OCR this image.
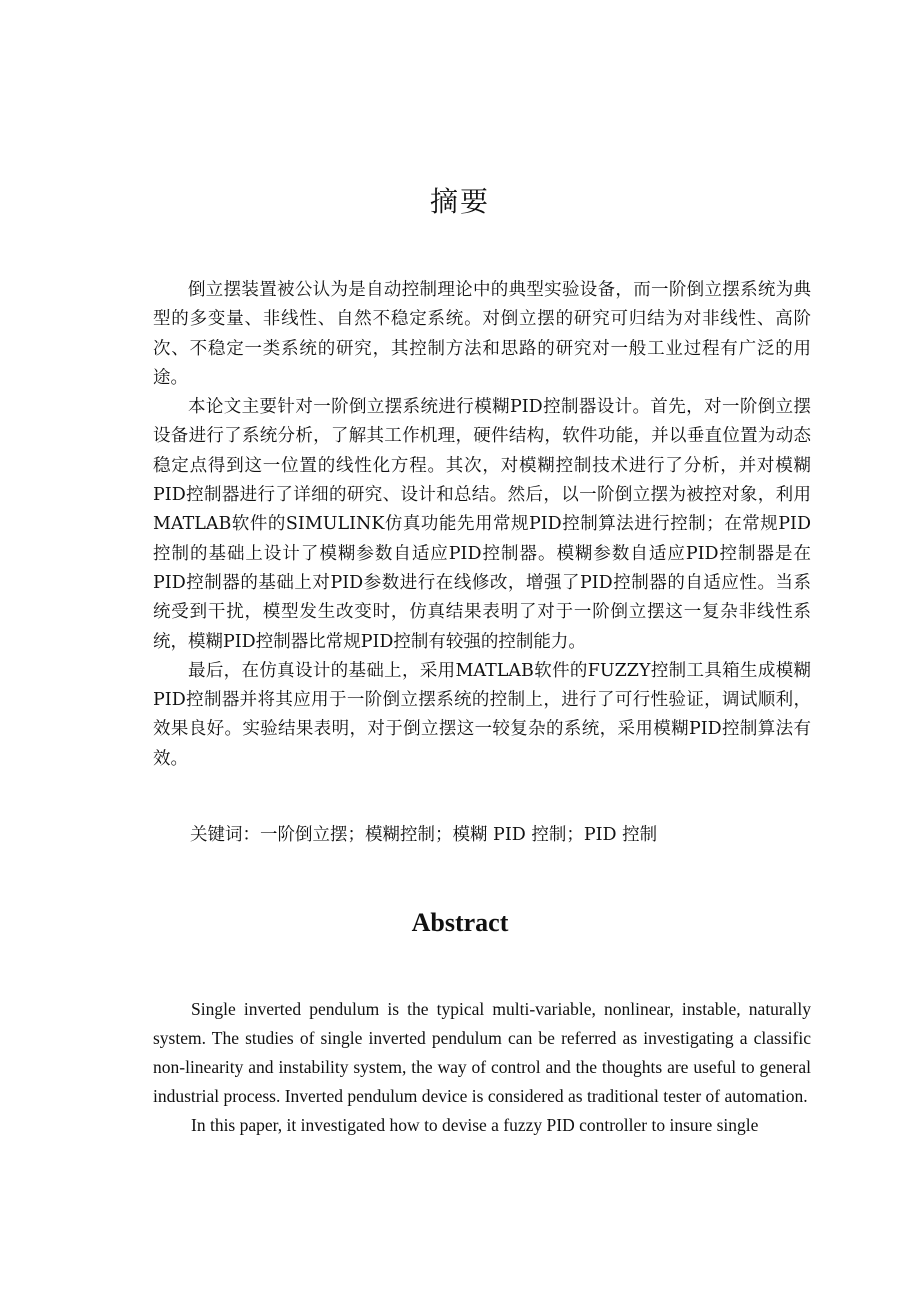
摘要

倒立摆装置被公认为是自动控制理论中的典型实验设备，而一阶倒立摆系统为典型的多变量、非线性、自然不稳定系统。对倒立摆的研究可归结为对非线性、高阶次、不稳定一类系统的研究，其控制方法和思路的研究对一般工业过程有广泛的用途。

本论文主要针对一阶倒立摆系统进行模糊PID控制器设计。首先，对一阶倒立摆设备进行了系统分析，了解其工作机理，硬件结构，软件功能，并以垂直位置为动态稳定点得到这一位置的线性化方程。其次，对模糊控制技术进行了分析，并对模糊PID控制器进行了详细的研究、设计和总结。然后，以一阶倒立摆为被控对象，利用MATLAB软件的SIMULINK仿真功能先用常规PID控制算法进行控制；在常规PID控制的基础上设计了模糊参数自适应PID控制器。模糊参数自适应PID控制器是在PID控制器的基础上对PID参数进行在线修改，增强了PID控制器的自适应性。当系统受到干扰，模型发生改变时，仿真结果表明了对于一阶倒立摆这一复杂非线性系统，模糊PID控制器比常规PID控制有较强的控制能力。

最后，在仿真设计的基础上，采用MATLAB软件的FUZZY控制工具箱生成模糊PID控制器并将其应用于一阶倒立摆系统的控制上，进行了可行性验证，调试顺利，效果良好。实验结果表明，对于倒立摆这一较复杂的系统，采用模糊PID控制算法有效。

关键词：一阶倒立摆；模糊控制；模糊 PID 控制；PID 控制
Abstract

Single inverted pendulum is the typical multi-variable, nonlinear, instable, naturally system. The studies of single inverted pendulum can be referred as investigating a classific non-linearity and instability system, the way of control and the thoughts are useful to general industrial process. Inverted pendulum device is considered as traditional tester of automation.

In this paper, it investigated how to devise a fuzzy PID controller to insure single
